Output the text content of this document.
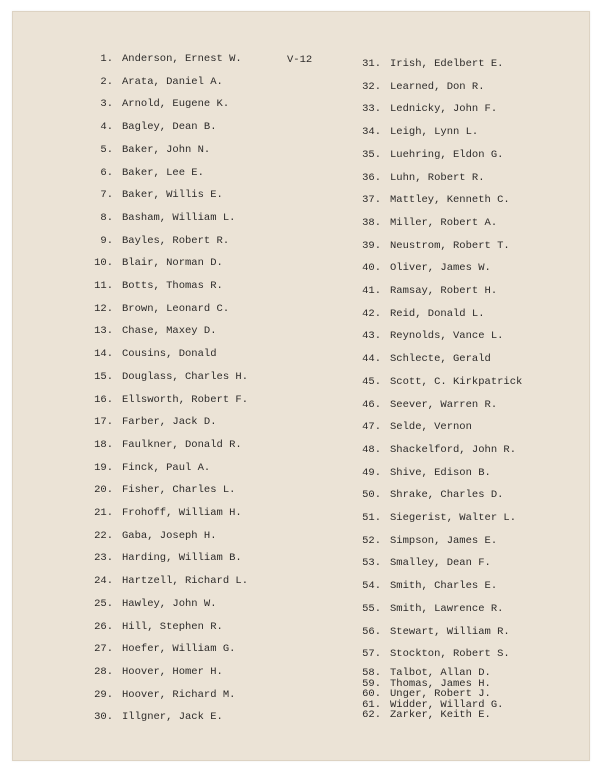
V-12
1. Anderson, Ernest W.
2. Arata, Daniel A.
3. Arnold, Eugene K.
4. Bagley, Dean B.
5. Baker, John N.
6. Baker, Lee E.
7. Baker, Willis E.
8. Basham, William L.
9. Bayles, Robert R.
10. Blair, Norman D.
11. Botts, Thomas R.
12. Brown, Leonard C.
13. Chase, Maxey D.
14. Cousins, Donald
15. Douglass, Charles H.
16. Ellsworth, Robert F.
17. Farber, Jack D.
18. Faulkner, Donald R.
19. Finck, Paul A.
20. Fisher, Charles L.
21. Frohoff, William H.
22. Gaba, Joseph H.
23. Harding, William B.
24. Hartzell, Richard L.
25. Hawley, John W.
26. Hill, Stephen R.
27. Hoefer, William G.
28. Hoover, Homer H.
29. Hoover, Richard M.
30. Illgner, Jack E.
31. Irish, Edelbert E.
32. Learned, Don R.
33. Lednicky, John F.
34. Leigh, Lynn L.
35. Luehring, Eldon G.
36. Luhn, Robert R.
37. Mattley, Kenneth C.
38. Miller, Robert A.
39. Neustrom, Robert T.
40. Oliver, James W.
41. Ramsay, Robert H.
42. Reid, Donald L.
43. Reynolds, Vance L.
44. Schlecte, Gerald
45. Scott, C. Kirkpatrick
46. Seever, Warren R.
47. Selde, Vernon
48. Shackelford, John R.
49. Shive, Edison B.
50. Shrake, Charles D.
51. Siegerist, Walter L.
52. Simpson, James E.
53. Smalley, Dean F.
54. Smith, Charles E.
55. Smith, Lawrence R.
56. Stewart, William R.
57. Stockton, Robert S.
58. Talbot, Allan D.
59. Thomas, James H.
60. Unger, Robert J.
61. Widder, Willard G.
62. Zarker, Keith E.
